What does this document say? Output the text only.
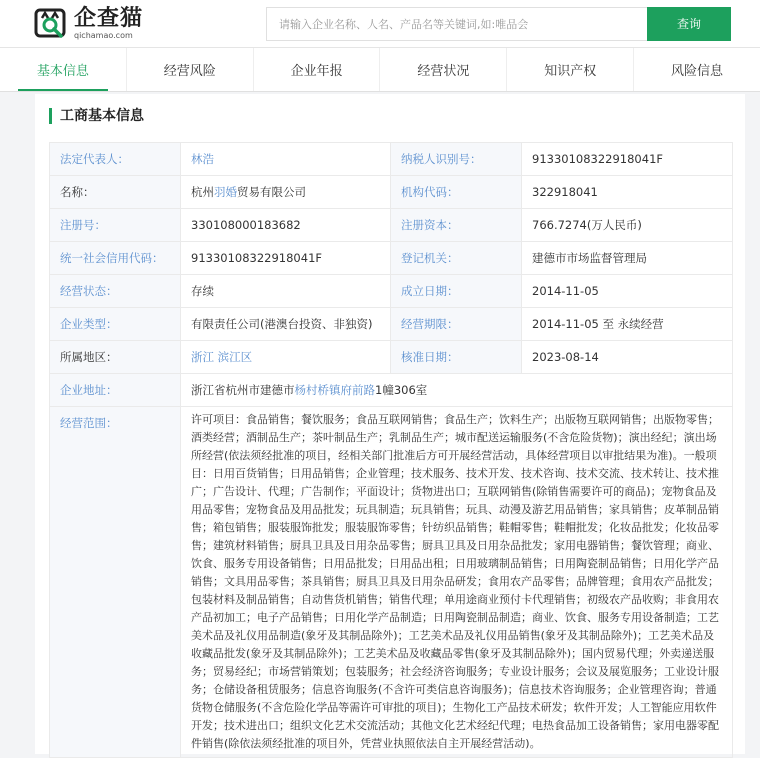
企查猫
qichamao.com
请输入企业名称、人名、产品名等关键词,如:唯品会	查询
基本信息	经营风险	企业年报	经营状况	知识产权	风险信息
工商基本信息
法定代表人：	林浩	纳税人识别号：	91330108322918041F
名称：	杭州羽婚贸易有限公司	机构代码：	322918041
注册号：	330108000183682	注册资本：	766.7274(万人民币)
统一社会信用代码：	91330108322918041F	登记机关：	建德市市场监督管理局
经营状态：	存续	成立日期：	2014-11-05
企业类型：	有限责任公司(港澳台投资、非独资)	经营期限：	2014-11-05 至 永续经营
所属地区：	浙江 滨江区	核准日期：	2023-08-14
企业地址：	浙江省杭州市建德市杨村桥镇府前路1幢306室		
经营范围：	许可项目：食品销售；餐饮服务；食品互联网销售；食品生产；饮料生产；出版物互联网销售；出版物零售；酒类经营；酒制品生产；茶叶制品生产；乳制品生产；城市配送运输服务(不含危险货物)；演出经纪；演出场所经营(依法须经批准的项目，经相关部门批准后方可开展经营活动，具体经营项目以审批结果为准)。一般项目：日用百货销售；日用品销售；企业管理；技术服务、技术开发、技术咨询、技术交流、技术转让、技术推广；广告设计、代理；广告制作；平面设计；货物进出口；互联网销售(除销售需要许可的商品)；宠物食品及用品零售；宠物食品及用品批发；玩具制造；玩具销售；玩具、动漫及游艺用品销售；家具销售；皮革制品销售；箱包销售；服装服饰批发；服装服饰零售；针纺织品销售；鞋帽零售；鞋帽批发；化妆品批发；化妆品零售；建筑材料销售；厨具卫具及日用杂品零售；厨具卫具及日用杂品批发；家用电器销售；餐饮管理；商业、饮食、服务专用设备销售；日用品批发；日用品出租；日用玻璃制品销售；日用陶瓷制品销售；日用化学产品销售；文具用品零售；茶具销售；厨具卫具及日用杂品研发；食用农产品零售；品牌管理；食用农产品批发；包装材料及制品销售；自动售货机销售；销售代理；单用途商业预付卡代理销售；初级农产品收购；非食用农产品初加工；电子产品销售；日用化学产品制造；日用陶瓷制品制造；商业、饮食、服务专用设备制造；工艺美术品及礼仪用品制造(象牙及其制品除外)；工艺美术品及礼仪用品销售(象牙及其制品除外)；工艺美术品及收藏品批发(象牙及其制品除外)；工艺美术品及收藏品零售(象牙及其制品除外)；国内贸易代理；外卖递送服务；贸易经纪；市场营销策划；包装服务；社会经济咨询服务；专业设计服务；会议及展览服务；工业设计服务；仓储设备租赁服务；信息咨询服务(不含许可类信息咨询服务)；信息技术咨询服务；企业管理咨询；普通货物仓储服务(不含危险化学品等需许可审批的项目)；生物化工产品技术研发；软件开发；人工智能应用软件开发；技术进出口；组织文化艺术交流活动；其他文化艺术经纪代理；电热食品加工设备销售；家用电器零配件销售(除依法须经批准的项目外，凭营业执照依法自主开展经营活动)。		
